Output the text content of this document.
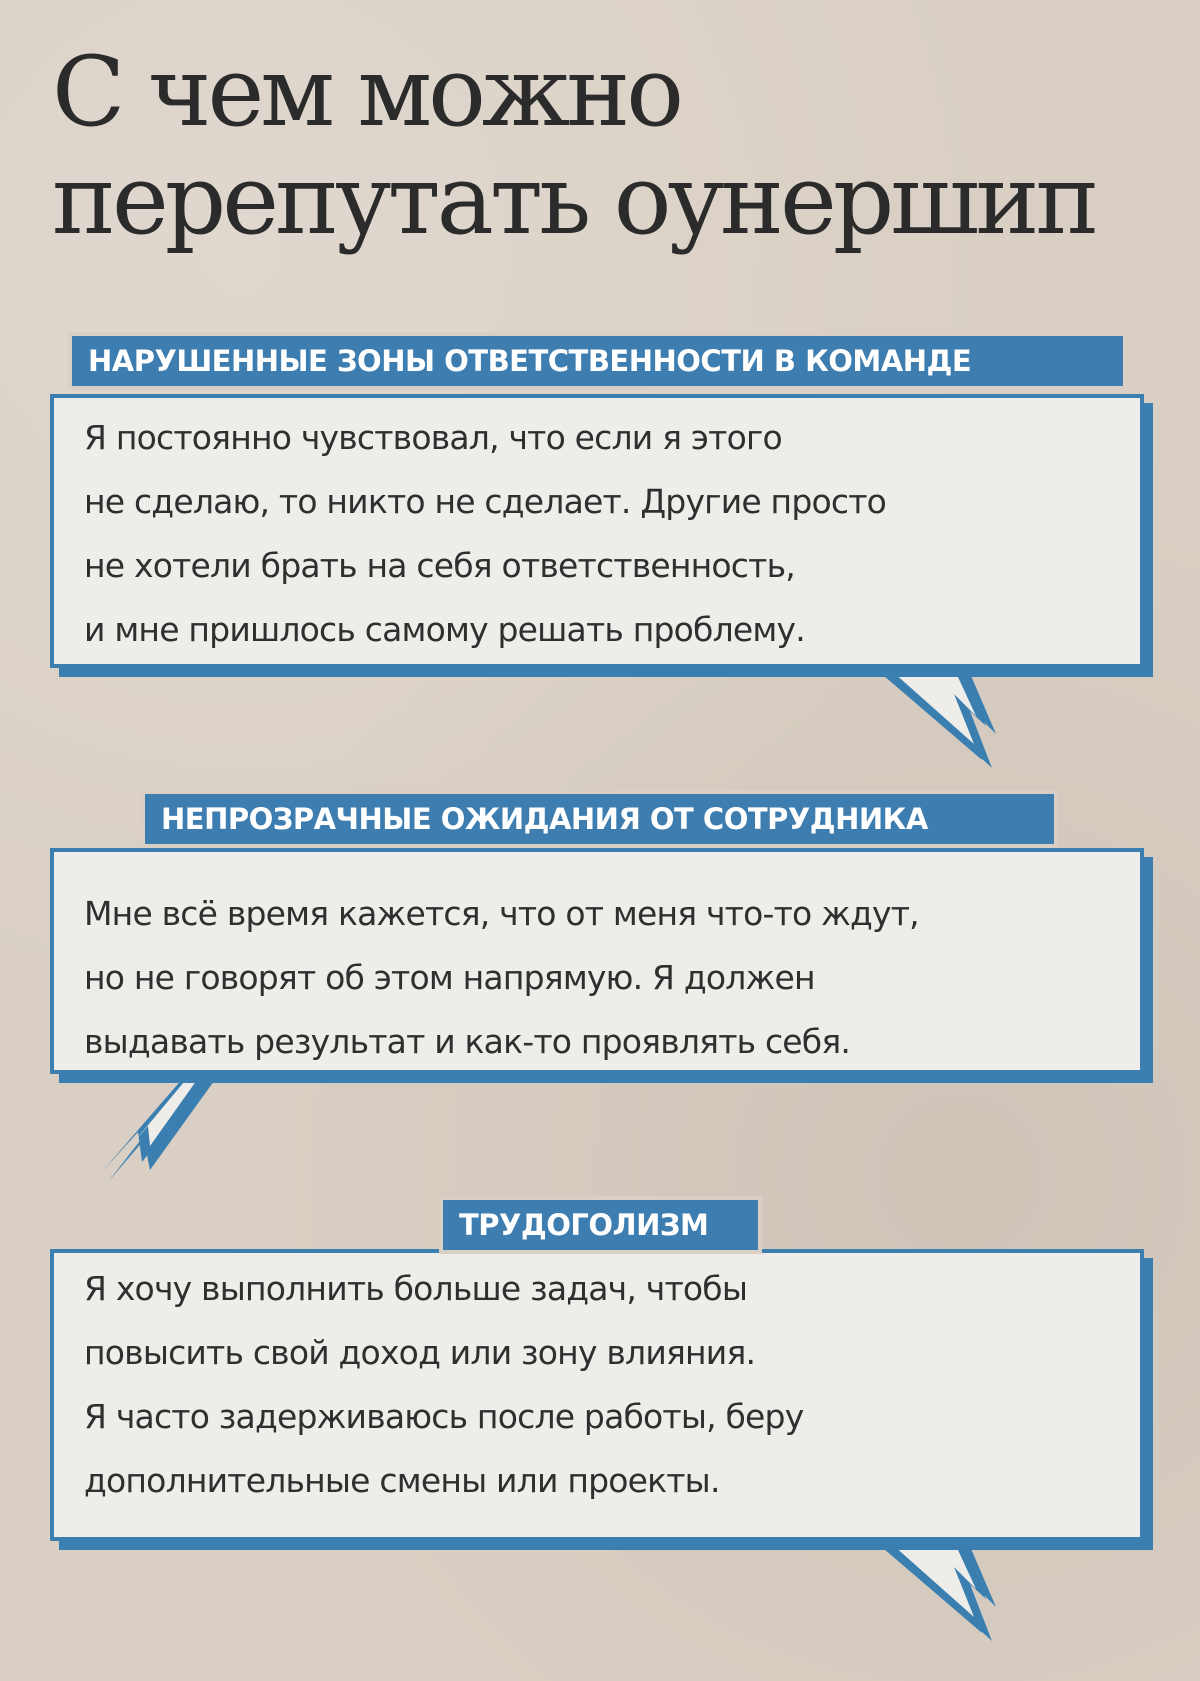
С чем можно перепутать оунершип

Я постоянно чувствовал, что если я этого
не сделаю, то никто не сделает. Другие просто
не хотели брать на себя ответственность,
и мне пришлось самому решать проблему.

НАРУШЕННЫЕ ЗОНЫ ОТВЕТСТВЕННОСТИ В КОМАНДЕ

Мне всё время кажется, что от меня что-то ждут,
но не говорят об этом напрямую. Я должен
выдавать результат и как-то проявлять себя.

НЕПРОЗРАЧНЫЕ ОЖИДАНИЯ ОТ СОТРУДНИКА

Я хочу выполнить больше задач, чтобы
повысить свой доход или зону влияния.
Я часто задерживаюсь после работы, беру
дополнительные смены или проекты.

ТРУДОГОЛИЗМ
